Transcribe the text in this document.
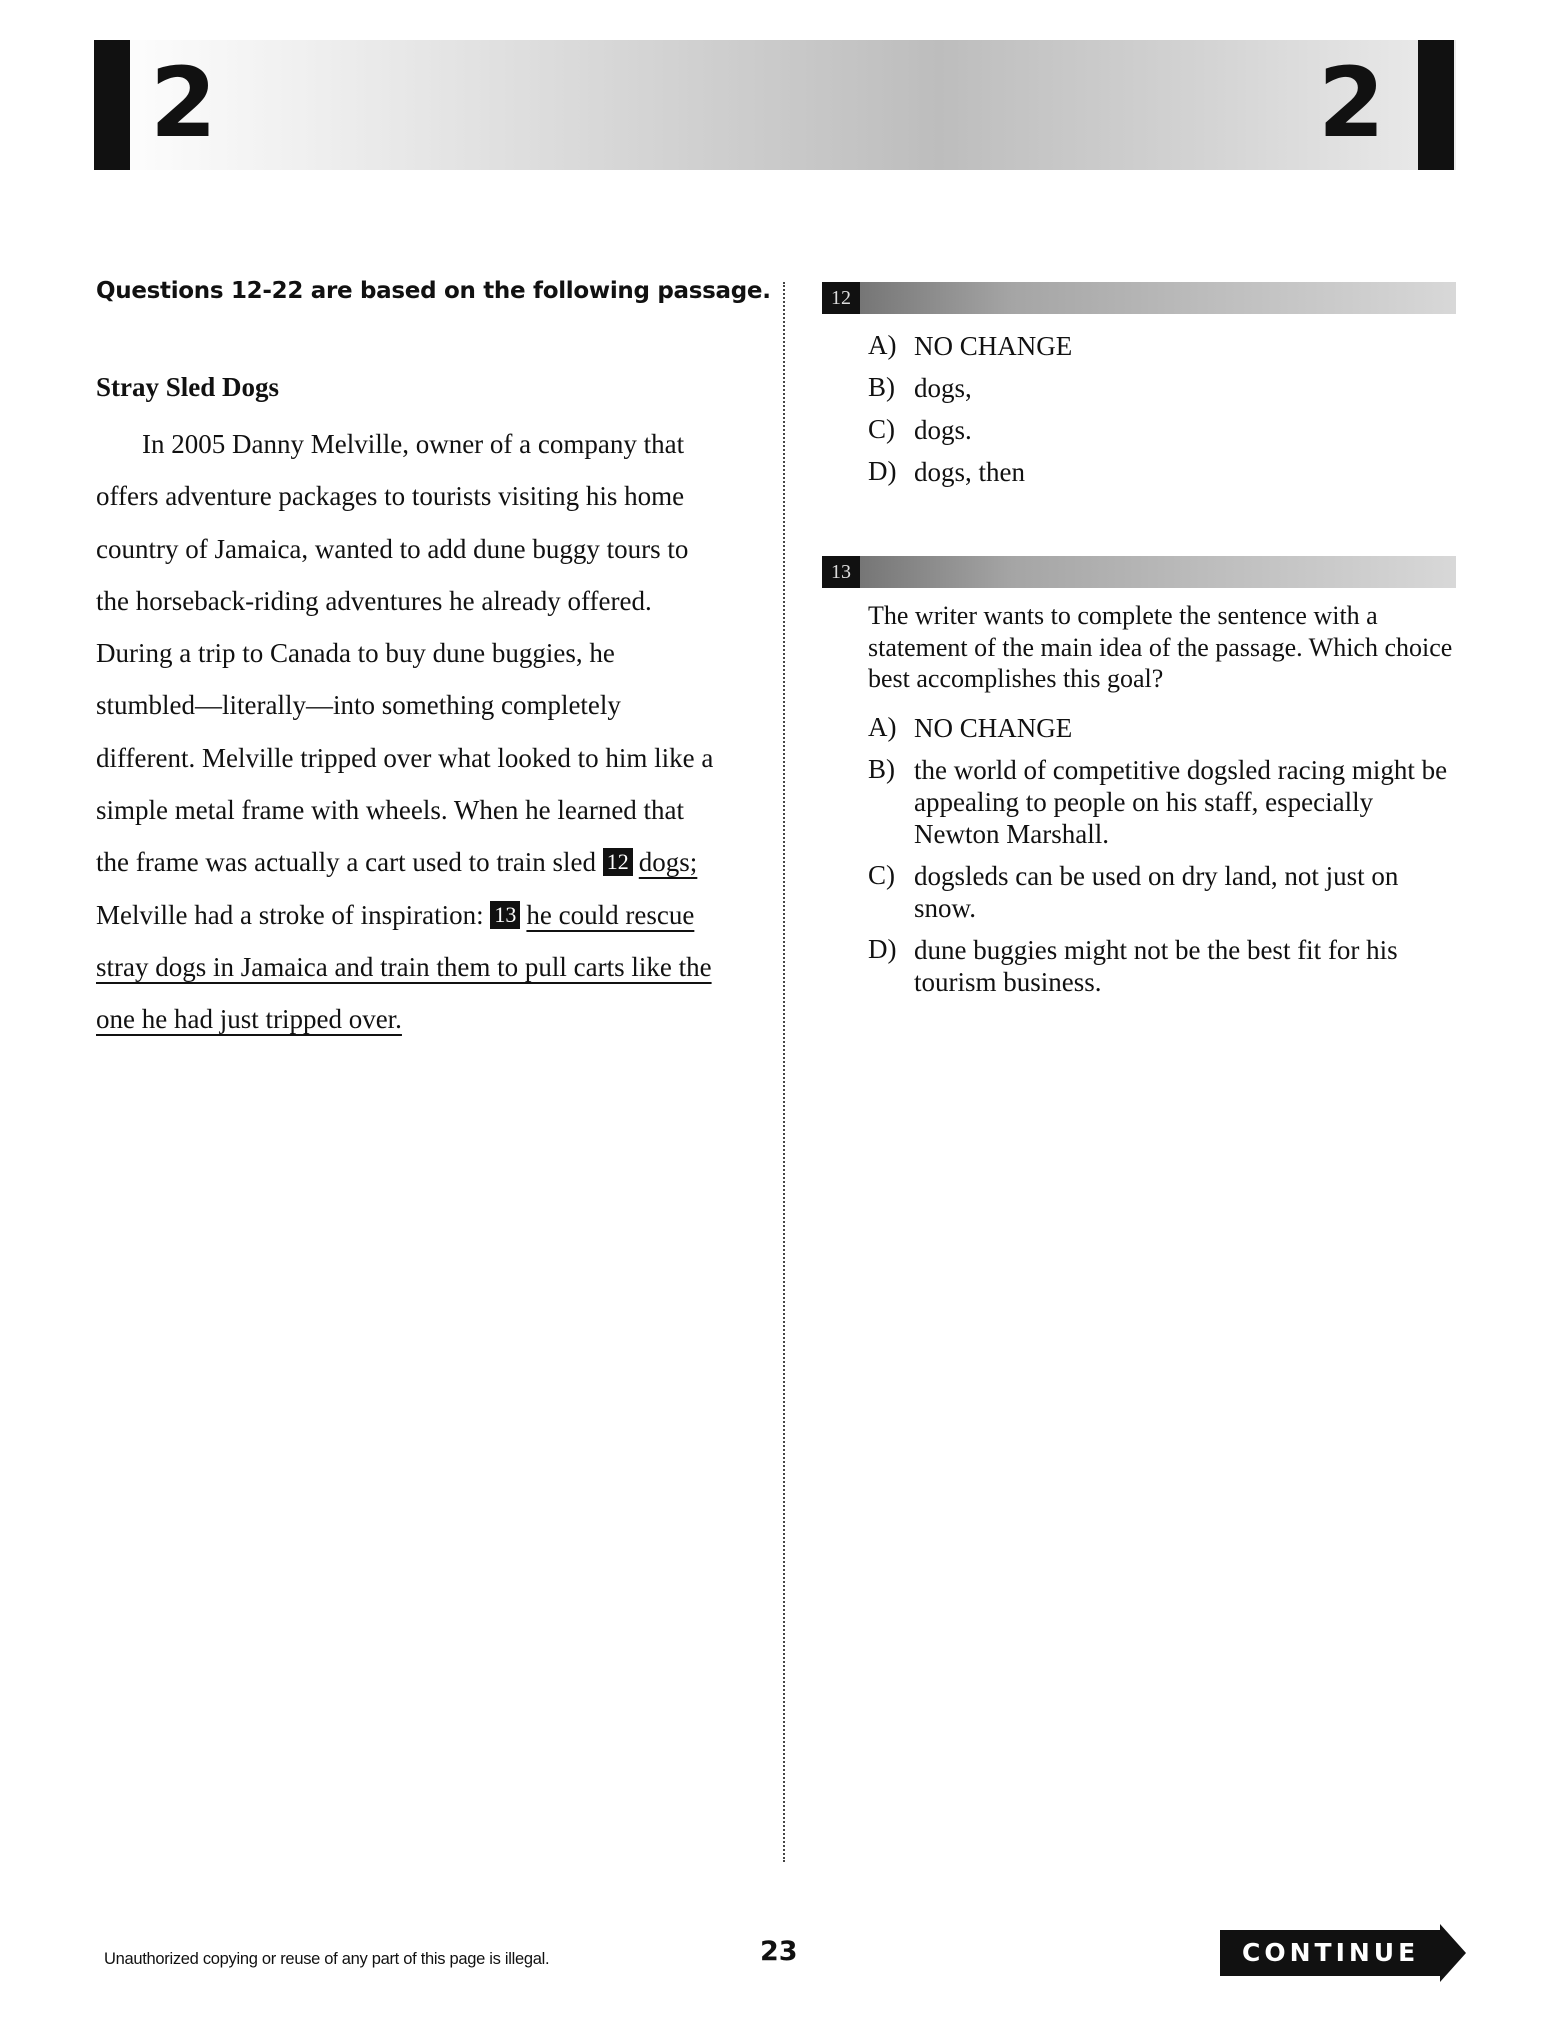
2	2
Questions 12-22 are based on the following passage.
Stray Sled Dogs
In 2005 Danny Melville, owner of a company that
offers adventure packages to tourists visiting his home
country of Jamaica, wanted to add dune buggy tours to
the horseback-riding adventures he already offered.
During a trip to Canada to buy dune buggies, he
stumbled—literally—into something completely
different. Melville tripped over what looked to him like a
simple metal frame with wheels. When he learned that
the frame was actually a cart used to train sled 12 dogs;
Melville had a stroke of inspiration: 13 he could rescue
stray dogs in Jamaica and train them to pull carts like the
one he had just tripped over.
12
A) NO CHANGE
B) dogs,
C) dogs.
D) dogs, then
13
The writer wants to complete the sentence with a statement of the main idea of the passage. Which choice best accomplishes this goal?
A) NO CHANGE
B) the world of competitive dogsled racing might be appealing to people on his staff, especially Newton Marshall.
C) dogsleds can be used on dry land, not just on snow.
D) dune buggies might not be the best fit for his tourism business.
Unauthorized copying or reuse of any part of this page is illegal.	23	CONTINUE
